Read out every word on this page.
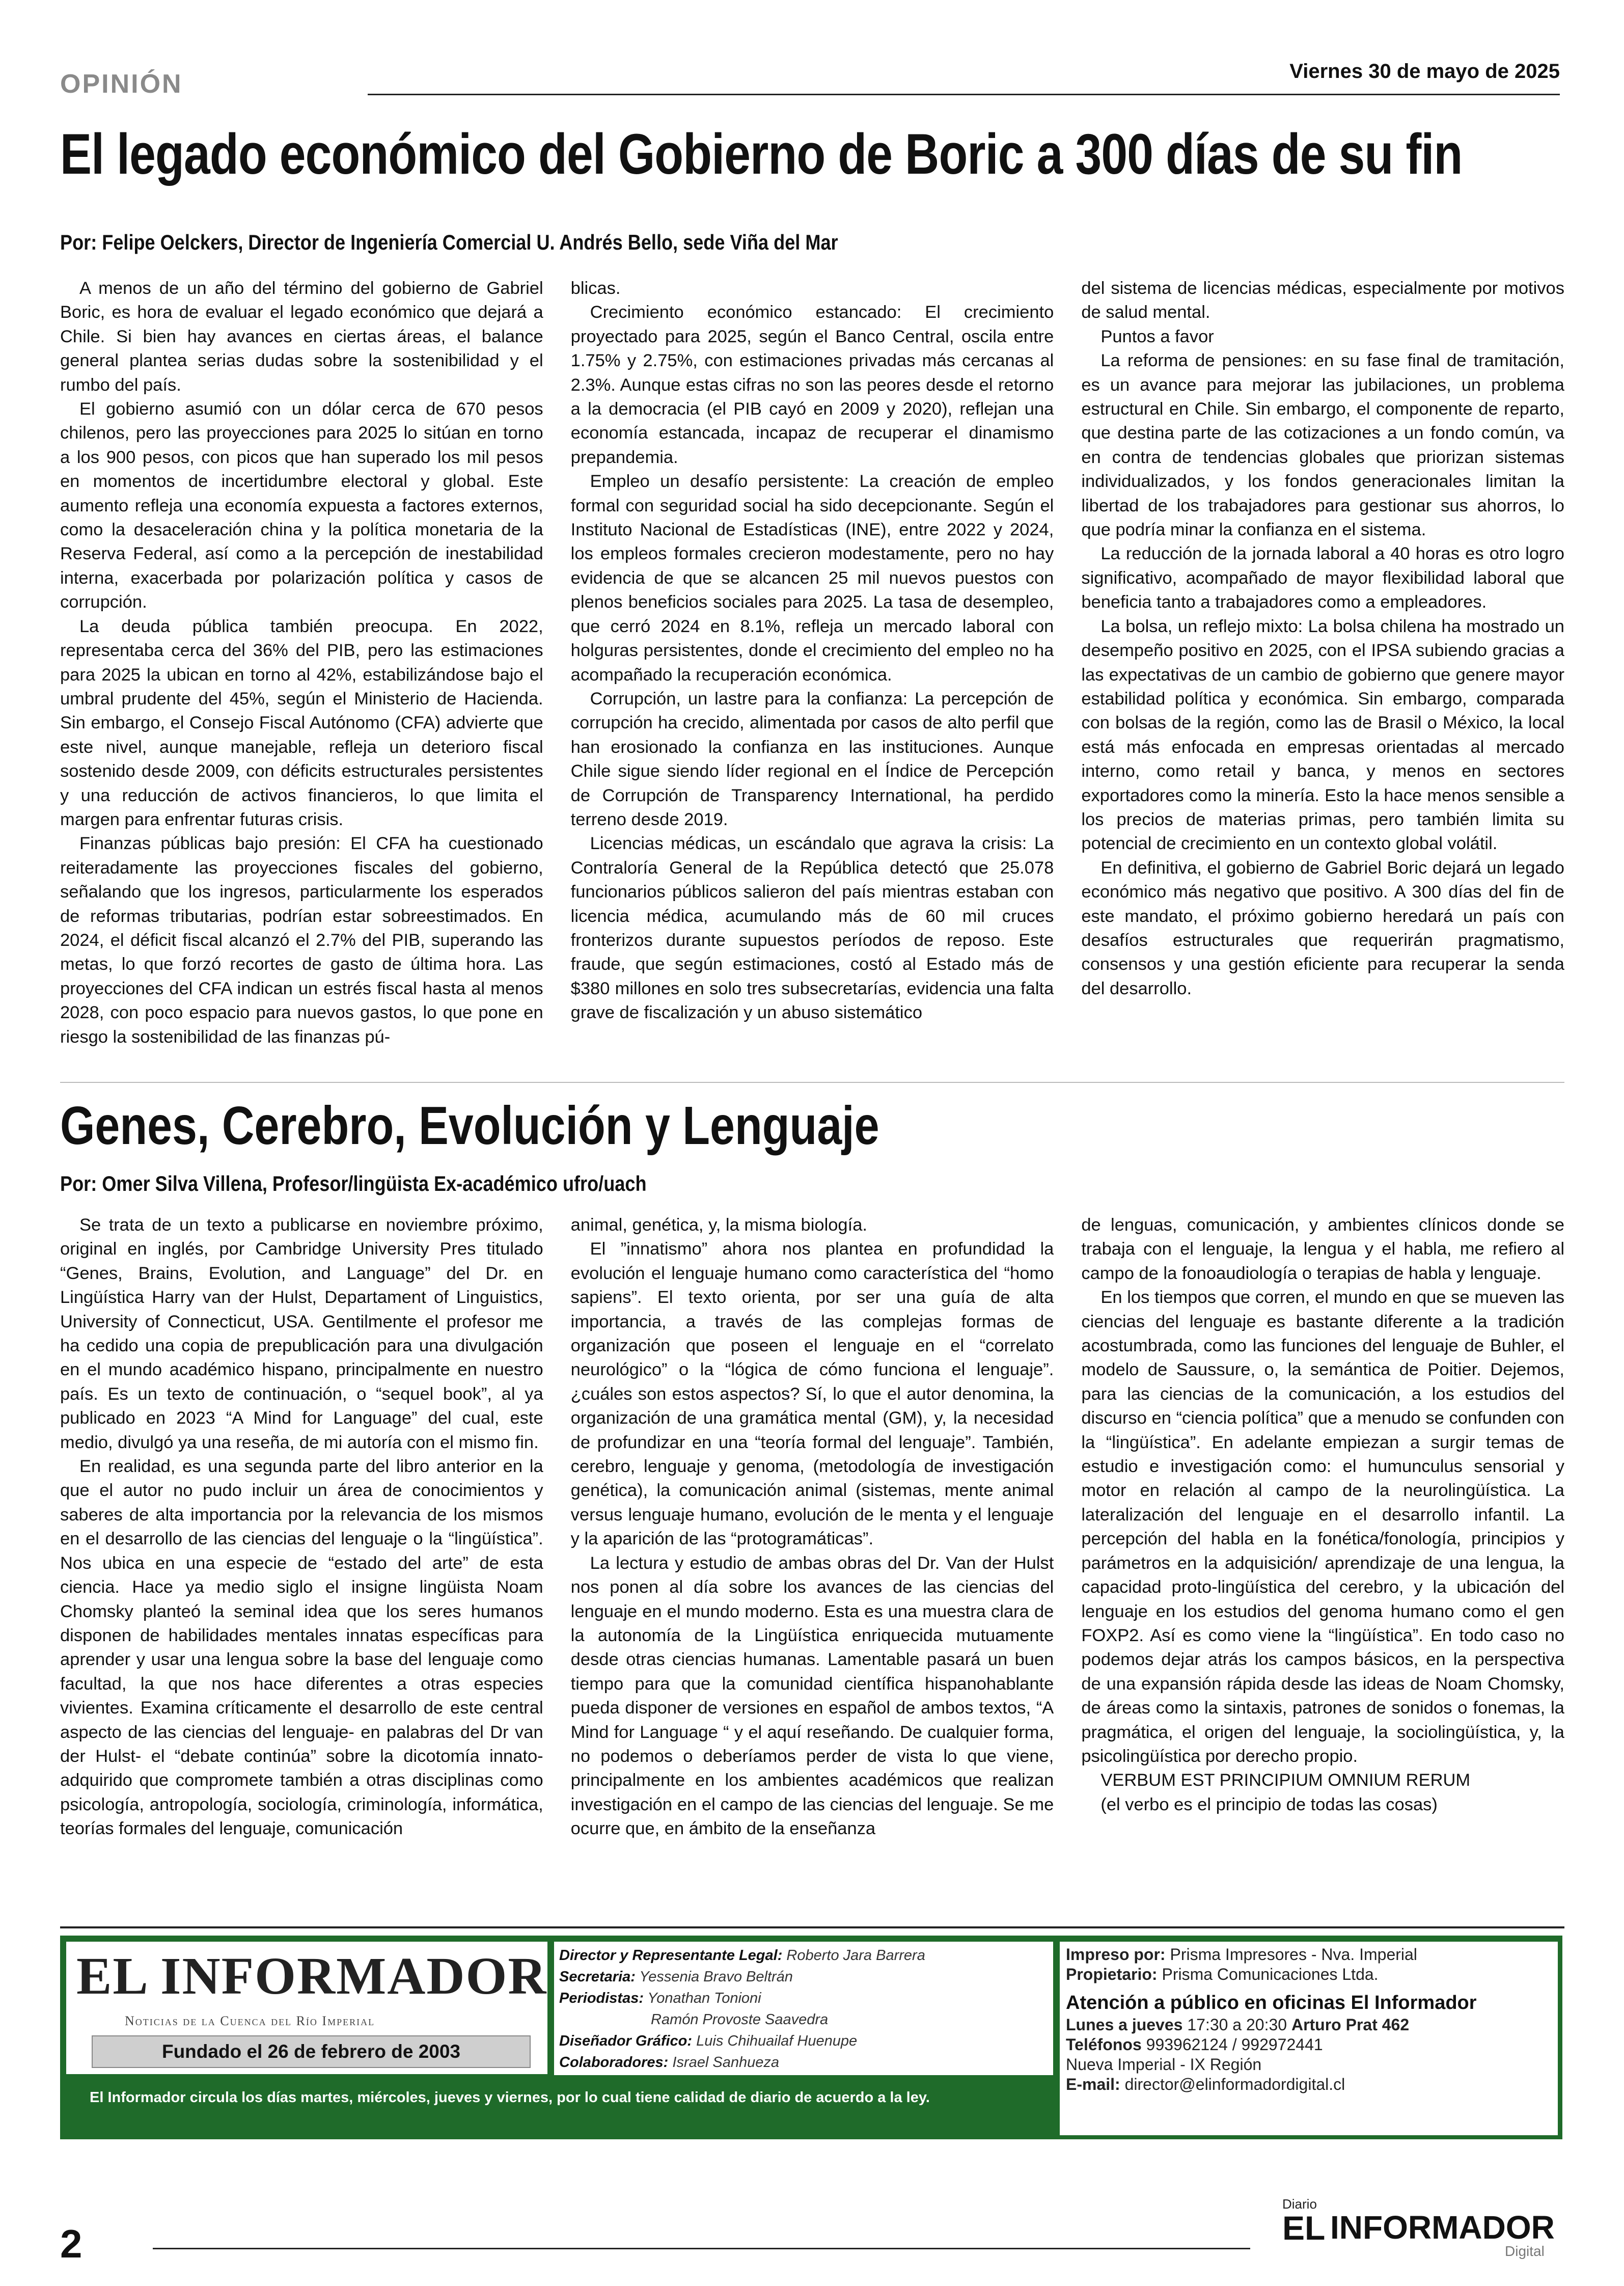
OPINIÓN	Viernes 30 de mayo de 2025
El legado económico del Gobierno de Boric a 300 días de su fin
Por: Felipe Oelckers, Director de Ingeniería Comercial U. Andrés Bello, sede Viña del Mar

A menos de un año del término del gobierno de Gabriel Boric, es hora de evaluar el legado económico que dejará a Chile. Si bien hay avances en ciertas áreas, el balance general plantea serias dudas sobre la sostenibilidad y el rumbo del país.

El gobierno asumió con un dólar cerca de 670 pesos chilenos, pero las proyecciones para 2025 lo sitúan en torno a los 900 pesos, con picos que han superado los mil pesos en momentos de incertidumbre electoral y global. Este aumento refleja una economía expuesta a factores externos, como la desaceleración china y la política monetaria de la Reserva Federal, así como a la percepción de inestabilidad interna, exacerbada por polarización política y casos de corrupción.

La deuda pública también preocupa. En 2022, representaba cerca del 36% del PIB, pero las estimaciones para 2025 la ubican en torno al 42%, estabilizándose bajo el umbral prudente del 45%, según el Ministerio de Hacienda. Sin embargo, el Consejo Fiscal Autónomo (CFA) advierte que este nivel, aunque manejable, refleja un deterioro fiscal sostenido desde 2009, con déficits estructurales persistentes y una reducción de activos financieros, lo que limita el margen para enfrentar futuras crisis.

Finanzas públicas bajo presión: El CFA ha cuestionado reiteradamente las proyecciones fiscales del gobierno, señalando que los ingresos, particularmente los esperados de reformas tributarias, podrían estar sobreestimados. En 2024, el déficit fiscal alcanzó el 2.7% del PIB, superando las metas, lo que forzó recortes de gasto de última hora. Las proyecciones del CFA indican un estrés fiscal hasta al menos 2028, con poco espacio para nuevos gastos, lo que pone en riesgo la sostenibilidad de las finanzas pú-

blicas.

Crecimiento económico estancado: El crecimiento proyectado para 2025, según el Banco Central, oscila entre 1.75% y 2.75%, con estimaciones privadas más cercanas al 2.3%. Aunque estas cifras no son las peores desde el retorno a la democracia (el PIB cayó en 2009 y 2020), reflejan una economía estancada, incapaz de recuperar el dinamismo prepandemia.

Empleo un desafío persistente: La creación de empleo formal con seguridad social ha sido decepcionante. Según el Instituto Nacional de Estadísticas (INE), entre 2022 y 2024, los empleos formales crecieron modestamente, pero no hay evidencia de que se alcancen 25 mil nuevos puestos con plenos beneficios sociales para 2025. La tasa de desempleo, que cerró 2024 en 8.1%, refleja un mercado laboral con holguras persistentes, donde el crecimiento del empleo no ha acompañado la recuperación económica.

Corrupción, un lastre para la confianza: La percepción de corrupción ha crecido, alimentada por casos de alto perfil que han erosionado la confianza en las instituciones. Aunque Chile sigue siendo líder regional en el Índice de Percepción de Corrupción de Transparency International, ha perdido terreno desde 2019.

Licencias médicas, un escándalo que agrava la crisis: La Contraloría General de la República detectó que 25.078 funcionarios públicos salieron del país mientras estaban con licencia médica, acumulando más de 60 mil cruces fronterizos durante supuestos períodos de reposo. Este fraude, que según estimaciones, costó al Estado más de $380 millones en solo tres subsecretarías, evidencia una falta grave de fiscalización y un abuso sistemático

del sistema de licencias médicas, especialmente por motivos de salud mental.

Puntos a favor

La reforma de pensiones: en su fase final de tramitación, es un avance para mejorar las jubilaciones, un problema estructural en Chile. Sin embargo, el componente de reparto, que destina parte de las cotizaciones a un fondo común, va en contra de tendencias globales que priorizan sistemas individualizados, y los fondos generacionales limitan la libertad de los trabajadores para gestionar sus ahorros, lo que podría minar la confianza en el sistema.

La reducción de la jornada laboral a 40 horas es otro logro significativo, acompañado de mayor flexibilidad laboral que beneficia tanto a trabajadores como a empleadores.

La bolsa, un reflejo mixto: La bolsa chilena ha mostrado un desempeño positivo en 2025, con el IPSA subiendo gracias a las expectativas de un cambio de gobierno que genere mayor estabilidad política y económica. Sin embargo, comparada con bolsas de la región, como las de Brasil o México, la local está más enfocada en empresas orientadas al mercado interno, como retail y banca, y menos en sectores exportadores como la minería. Esto la hace menos sensible a los precios de materias primas, pero también limita su potencial de crecimiento en un contexto global volátil.

En definitiva, el gobierno de Gabriel Boric dejará un legado económico más negativo que positivo. A 300 días del fin de este mandato, el próximo gobierno heredará un país con desafíos estructurales que requerirán pragmatismo, consensos y una gestión eficiente para recuperar la senda del desarrollo.

Genes, Cerebro, Evolución y Lenguaje
Por: Omer Silva Villena, Profesor/lingüista Ex-académico ufro/uach

Se trata de un texto a publicarse en noviembre próximo, original en inglés, por Cambridge University Pres titulado “Genes, Brains, Evolution, and Language” del Dr. en Lingüística Harry van der Hulst, Departament of Linguistics, University of Connecticut, USA. Gentilmente el profesor me ha cedido una copia de prepublicación para una divulgación en el mundo académico hispano, principalmente en nuestro país. Es un texto de continuación, o “sequel book”, al ya publicado en 2023 “A Mind for Language” del cual, este medio, divulgó ya una reseña, de mi autoría con el mismo fin.

En realidad, es una segunda parte del libro anterior en la que el autor no pudo incluir un área de conocimientos y saberes de alta importancia por la relevancia de los mismos en el desarrollo de las ciencias del lenguaje o la “lingüística”. Nos ubica en una especie de “estado del arte” de esta ciencia. Hace ya medio siglo el insigne lingüista Noam Chomsky planteó la seminal idea que los seres humanos disponen de habilidades mentales innatas específicas para aprender y usar una lengua sobre la base del lenguaje como facultad, la que nos hace diferentes a otras especies vivientes. Examina críticamente el desarrollo de este central aspecto de las ciencias del lenguaje- en palabras del Dr van der Hulst- el “debate continúa” sobre la dicotomía innato- adquirido que compromete también a otras disciplinas como psicología, antropología, sociología, criminología, informática, teorías formales del lenguaje, comunicación

animal, genética, y, la misma biología.

El ”innatismo” ahora nos plantea en profundidad la evolución el lenguaje humano como característica del “homo sapiens”. El texto orienta, por ser una guía de alta importancia, a través de las complejas formas de organización que poseen el lenguaje en el “correlato neurológico” o la “lógica de cómo funciona el lenguaje”. ¿cuáles son estos aspectos? Sí, lo que el autor denomina, la organización de una gramática mental (GM), y, la necesidad de profundizar en una “teoría formal del lenguaje”. También, cerebro, lenguaje y genoma, (metodología de investigación genética), la comunicación animal (sistemas, mente animal versus lenguaje humano, evolución de le menta y el lenguaje y la aparición de las “protogramáticas”.

La lectura y estudio de ambas obras del Dr. Van der Hulst nos ponen al día sobre los avances de las ciencias del lenguaje en el mundo moderno. Esta es una muestra clara de la autonomía de la Lingüística enriquecida mutuamente desde otras ciencias humanas. Lamentable pasará un buen tiempo para que la comunidad científica hispanohablante pueda disponer de versiones en español de ambos textos, “A Mind for Language “ y el aquí reseñando. De cualquier forma, no podemos o deberíamos perder de vista lo que viene, principalmente en los ambientes académicos que realizan investigación en el campo de las ciencias del lenguaje. Se me ocurre que, en ámbito de la enseñanza

de lenguas, comunicación, y ambientes clínicos donde se trabaja con el lenguaje, la lengua y el habla, me refiero al campo de la fonoaudiología o terapias de habla y lenguaje.

En los tiempos que corren, el mundo en que se mueven las ciencias del lenguaje es bastante diferente a la tradición acostumbrada, como las funciones del lenguaje de Buhler, el modelo de Saussure, o, la semántica de Poitier. Dejemos, para las ciencias de la comunicación, a los estudios del discurso en “ciencia política” que a menudo se confunden con la “lingüística”. En adelante empiezan a surgir temas de estudio e investigación como: el humunculus sensorial y motor en relación al campo de la neurolingüística. La lateralización del lenguaje en el desarrollo infantil. La percepción del habla en la fonética/fonología, principios y parámetros en la adquisición/ aprendizaje de una lengua, la capacidad proto-lingüística del cerebro, y la ubicación del lenguaje en los estudios del genoma humano como el gen FOXP2. Así es como viene la “lingüística”. En todo caso no podemos dejar atrás los campos básicos, en la perspectiva de una expansión rápida desde las ideas de Noam Chomsky, de áreas como la sintaxis, patrones de sonidos o fonemas, la pragmática, el origen del lenguaje, la sociolingüística, y, la psicolingüística por derecho propio.

VERBUM EST PRINCIPIUM OMNIUM RERUM

(el verbo es el principio de todas las cosas)

EL INFORMADOR
Noticias de la Cuenca del Río Imperial
Fundado el 26 de febrero de 2003
Director y Representante Legal: Roberto Jara Barrera
Secretaria: Yessenia Bravo Beltrán
Periodistas: Yonathan Tonioni
Ramón Provoste Saavedra
Diseñador Gráfico: Luis Chihuailaf Huenupe
Colaboradores: Israel Sanhueza
Impreso por: Prisma Impresores - Nva. Imperial
Propietario: Prisma Comunicaciones Ltda.
Atención a público en oficinas El Informador
Lunes a jueves 17:30 a 20:30 Arturo Prat 462
Teléfonos 993962124 / 992972441
Nueva Imperial - IX Región
E-mail: director@elinformadordigital.cl
El Informador circula los días martes, miércoles, jueves y viernes, por lo cual tiene calidad de diario de acuerdo a la ley.
2
Diario
EL INFORMADOR
Digital
